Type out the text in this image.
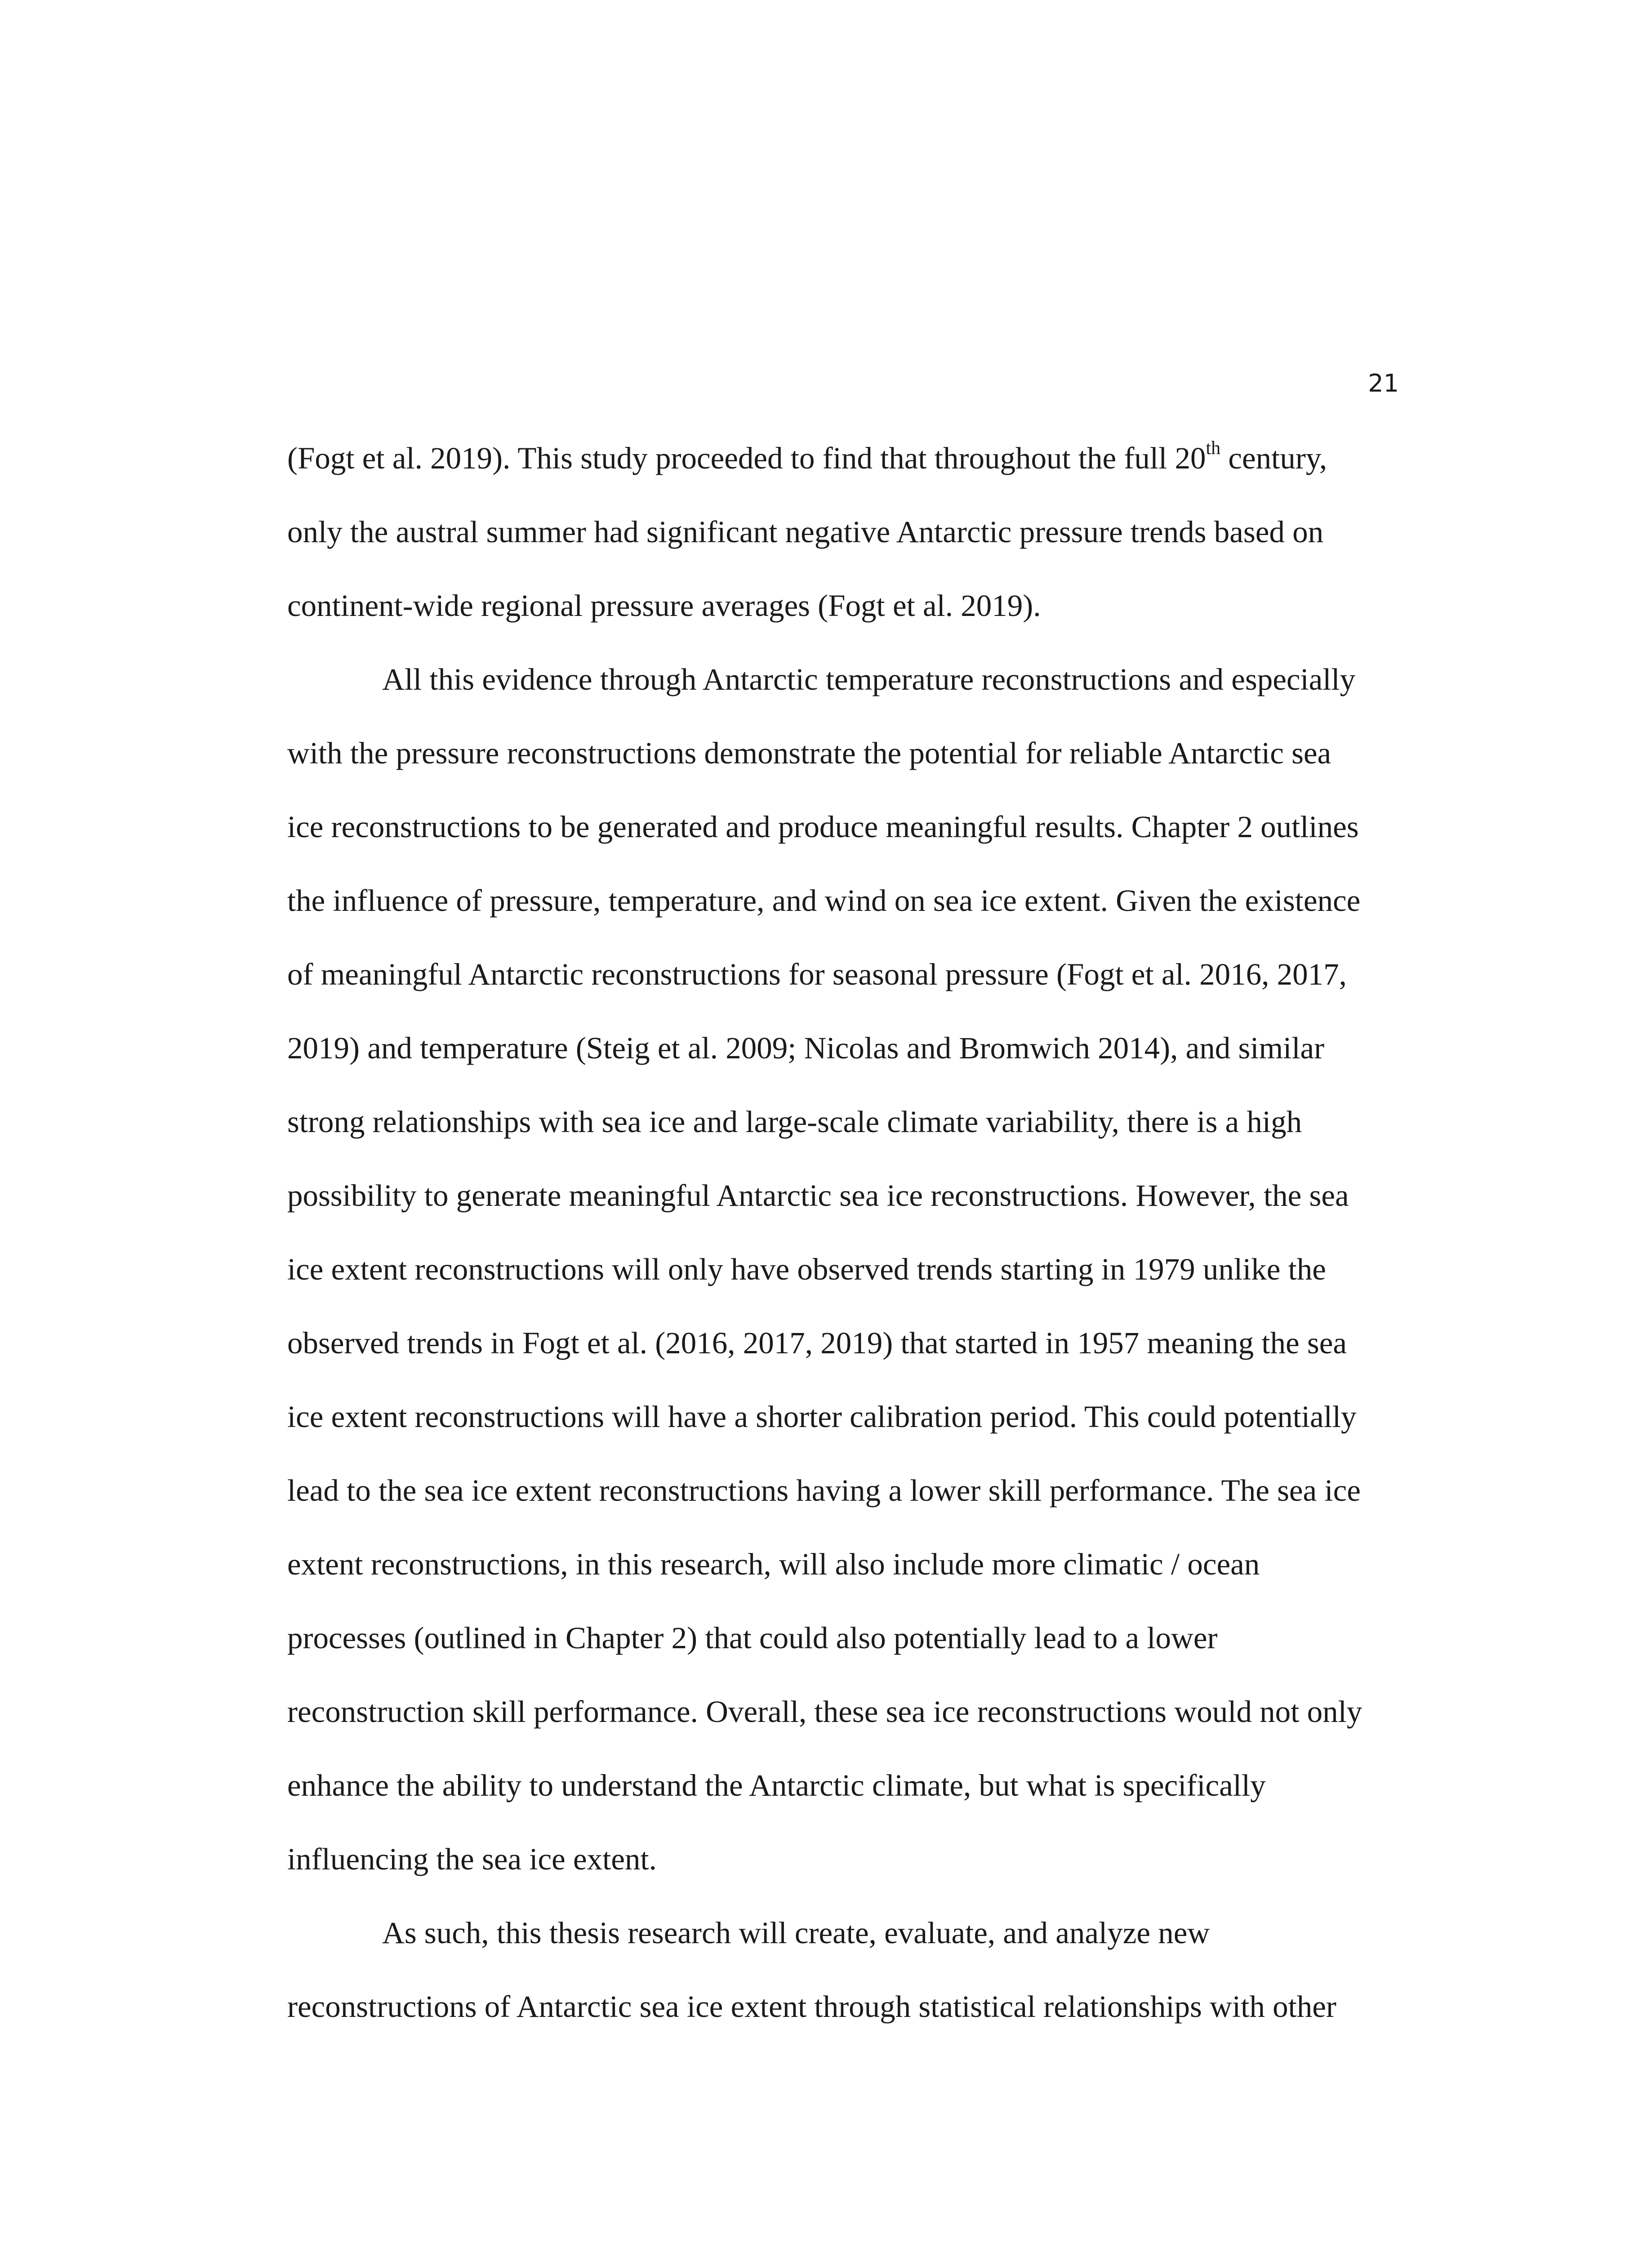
21
(Fogt et al. 2019). This study proceeded to find that throughout the full 20th century,
only the austral summer had significant negative Antarctic pressure trends based on
continent-wide regional pressure averages (Fogt et al. 2019).
All this evidence through Antarctic temperature reconstructions and especially
with the pressure reconstructions demonstrate the potential for reliable Antarctic sea
ice reconstructions to be generated and produce meaningful results. Chapter 2 outlines
the influence of pressure, temperature, and wind on sea ice extent. Given the existence
of meaningful Antarctic reconstructions for seasonal pressure (Fogt et al. 2016, 2017,
2019) and temperature (Steig et al. 2009; Nicolas and Bromwich 2014), and similar
strong relationships with sea ice and large-scale climate variability, there is a high
possibility to generate meaningful Antarctic sea ice reconstructions. However, the sea
ice extent reconstructions will only have observed trends starting in 1979 unlike the
observed trends in Fogt et al. (2016, 2017, 2019) that started in 1957 meaning the sea
ice extent reconstructions will have a shorter calibration period. This could potentially
lead to the sea ice extent reconstructions having a lower skill performance. The sea ice
extent reconstructions, in this research, will also include more climatic / ocean
processes (outlined in Chapter 2) that could also potentially lead to a lower
reconstruction skill performance. Overall, these sea ice reconstructions would not only
enhance the ability to understand the Antarctic climate, but what is specifically
influencing the sea ice extent.
As such, this thesis research will create, evaluate, and analyze new
reconstructions of Antarctic sea ice extent through statistical relationships with other
